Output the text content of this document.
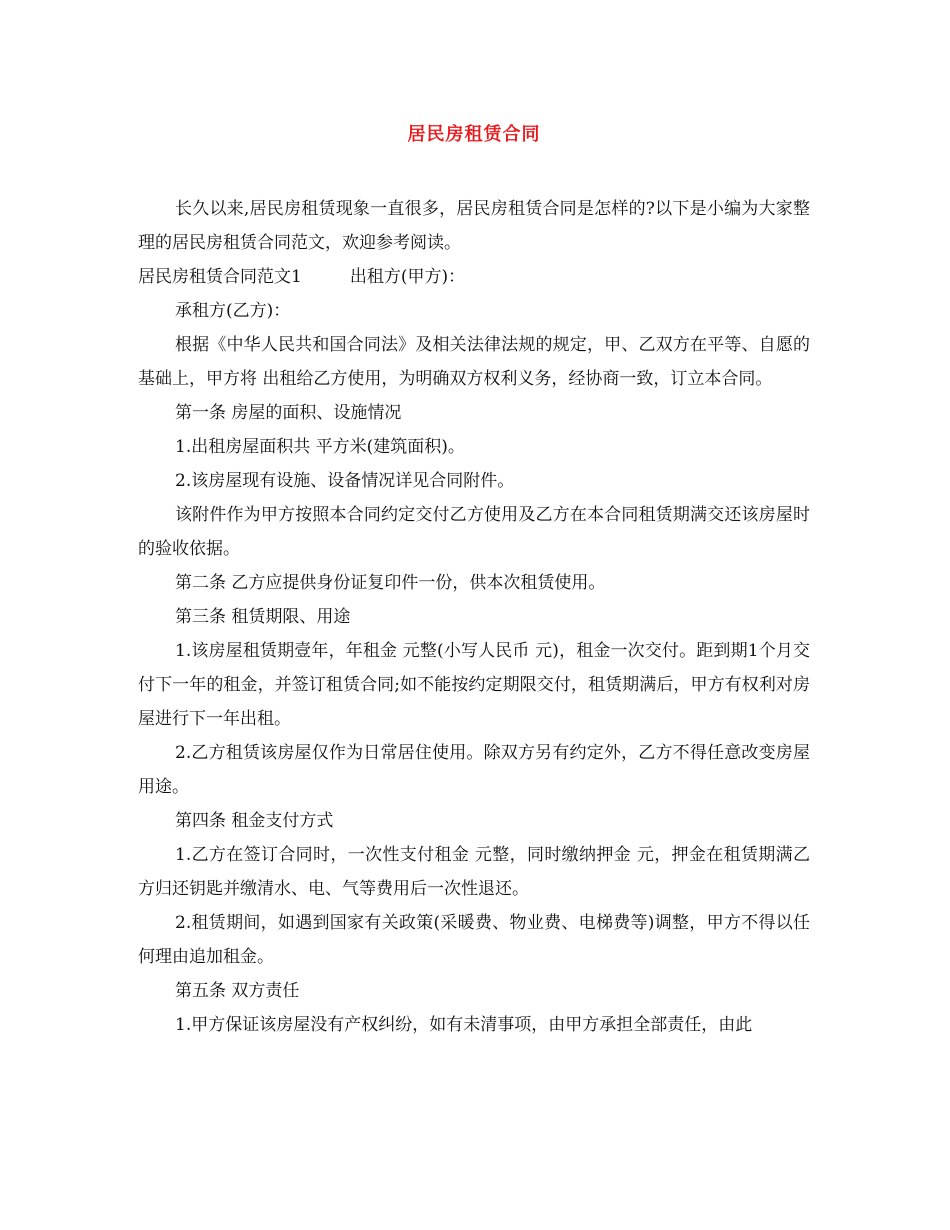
居民房租赁合同

长久以来,居民房租赁现象一直很多，居民房租赁合同是怎样的?以下是小编为大家整理的居民房租赁合同范文，欢迎参考阅读。

居民房租赁合同范文1	出租方(甲方)：

承租方(乙方)：

根据《中华人民共和国合同法》及相关法律法规的规定，甲、乙双方在平等、自愿的基础上，甲方将 出租给乙方使用，为明确双方权利义务，经协商一致，订立本合同。

第一条 房屋的面积、设施情况

1.出租房屋面积共 平方米(建筑面积)。

2.该房屋现有设施、设备情况详见合同附件。

该附件作为甲方按照本合同约定交付乙方使用及乙方在本合同租赁期满交还该房屋时的验收依据。

第二条 乙方应提供身份证复印件一份，供本次租赁使用。

第三条 租赁期限、用途

1.该房屋租赁期壹年，年租金 元整(小写人民币 元)，租金一次交付。距到期1个月交付下一年的租金，并签订租赁合同;如不能按约定期限交付，租赁期满后，甲方有权利对房屋进行下一年出租。

2.乙方租赁该房屋仅作为日常居住使用。除双方另有约定外，乙方不得任意改变房屋用途。

第四条 租金支付方式

1.乙方在签订合同时，一次性支付租金 元整，同时缴纳押金 元，押金在租赁期满乙方归还钥匙并缴清水、电、气等费用后一次性退还。

2.租赁期间，如遇到国家有关政策(采暖费、物业费、电梯费等)调整，甲方不得以任何理由追加租金。

第五条 双方责任

1.甲方保证该房屋没有产权纠纷，如有未清事项，由甲方承担全部责任，由此
